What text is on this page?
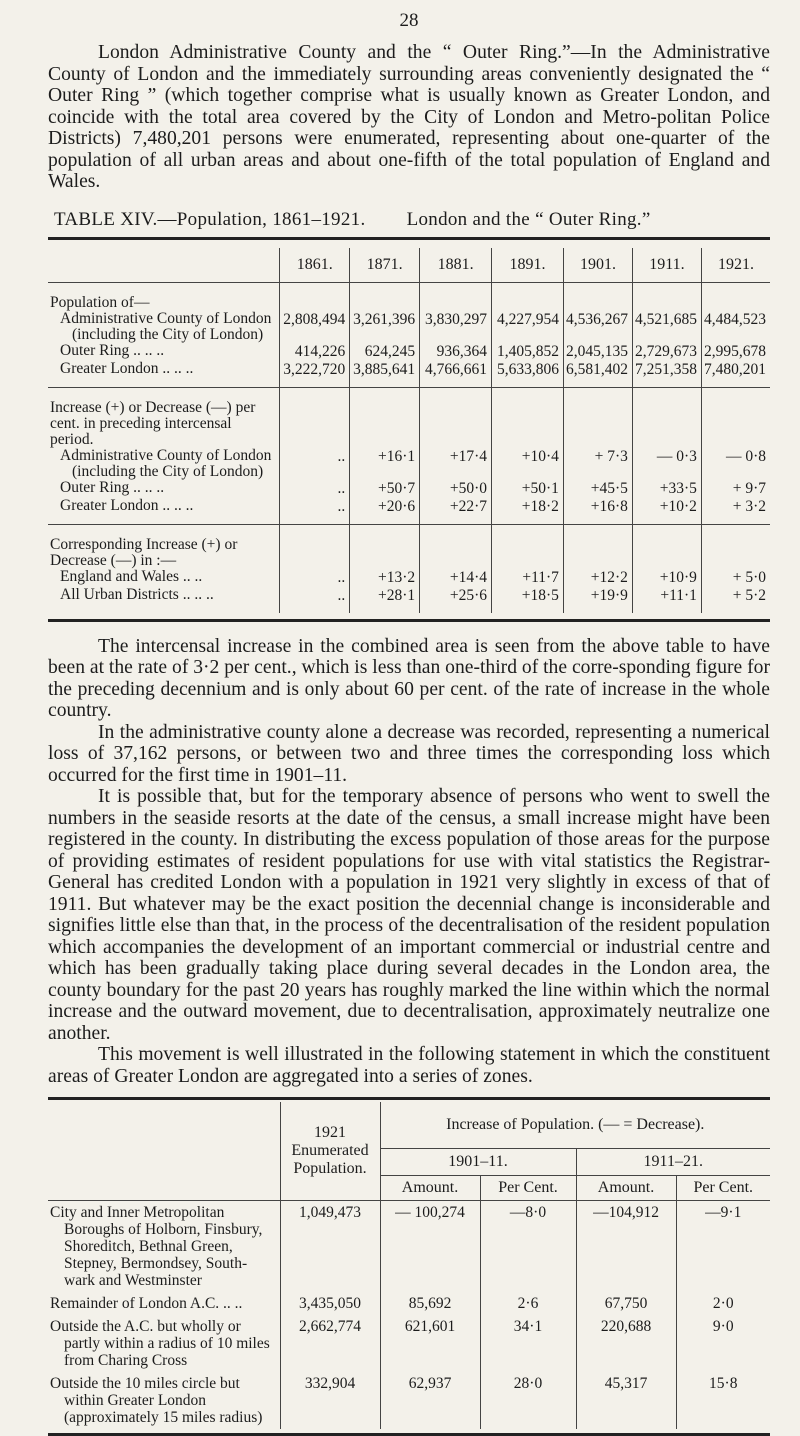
28

London Administrative County and the “ Outer Ring.”—In the Administrative County of London and the immediately surrounding areas conveniently designated the “ Outer Ring ” (which together comprise what is usually known as Greater London, and coincide with the total area covered by the City of London and Metro-politan Police Districts) 7,480,201 persons were enumerated, representing about one-quarter of the population of all urban areas and about one-fifth of the total population of England and Wales.

TABLE XIV.—Population, 1861–1921. London and the “ Outer Ring.”
	1861.	1871.	1881.	1891.	1901.	1911.	1921.
Population of—							

Administrative County of London
(including the City of London)	2,808,494	3,261,396	3,830,297	4,227,954	4,536,267	4,521,685	4,484,523

Outer Ring .. .. ..	414,226	624,245	936,364	1,405,852	2,045,135	2,729,673	2,995,678

Greater London .. .. ..	3,222,720	3,885,641	4,766,661	5,633,806	6,581,402	7,251,358	7,480,201
Increase (+) or Decrease (—) per cent. in preceding intercensal period.							

Administrative County of London
(including the City of London)	..	+16·1	+17·4	+10·4	+ 7·3	— 0·3	— 0·8

Outer Ring .. .. ..	..	+50·7	+50·0	+50·1	+45·5	+33·5	+ 9·7

Greater London .. .. ..	..	+20·6	+22·7	+18·2	+16·8	+10·2	+ 3·2
Corresponding Increase (+) or Decrease (—) in :—							

England and Wales .. ..	..	+13·2	+14·4	+11·7	+12·2	+10·9	+ 5·0

All Urban Districts .. .. ..	..	+28·1	+25·6	+18·5	+19·9	+11·1	+ 5·2

The intercensal increase in the combined area is seen from the above table to have been at the rate of 3·2 per cent., which is less than one-third of the corre-sponding figure for the preceding decennium and is only about 60 per cent. of the rate of increase in the whole country.

In the administrative county alone a decrease was recorded, representing a numerical loss of 37,162 persons, or between two and three times the corresponding loss which occurred for the first time in 1901–11.

It is possible that, but for the temporary absence of persons who went to swell the numbers in the seaside resorts at the date of the census, a small increase might have been registered in the county. In distributing the excess population of those areas for the purpose of providing estimates of resident populations for use with vital statistics the Registrar-General has credited London with a population in 1921 very slightly in excess of that of 1911. But whatever may be the exact position the decennial change is inconsiderable and signifies little else than that, in the process of the decentralisation of the resident population which accompanies the development of an important commercial or industrial centre and which has been gradually taking place during several decades in the London area, the county boundary for the past 20 years has roughly marked the line within which the normal increase and the outward movement, due to decentralisation, approximately neutralize one another.

This movement is well illustrated in the following statement in which the constituent areas of Greater London are aggregated into a series of zones.

	1921 Enumerated Population.	Increase of Population. (— = Decrease).			
		1901–11.		1911–21.	
		Amount.	Per Cent.	Amount.	Per Cent.

City and Inner Metropolitan Boroughs of Holborn, Finsbury, Shoreditch, Bethnal Green, Stepney, Bermondsey, South-wark and Westminster	1,049,473	— 100,274	—8·0	—104,912	—9·1

Remainder of London A.C. .. ..	3,435,050	85,692	2·6	67,750	2·0

Outside the A.C. but wholly or partly within a radius of 10 miles from Charing Cross	2,662,774	621,601	34·1	220,688	9·0

Outside the 10 miles circle but within Greater London (approximately 15 miles radius)	332,904	62,937	28·0	45,317	15·8
